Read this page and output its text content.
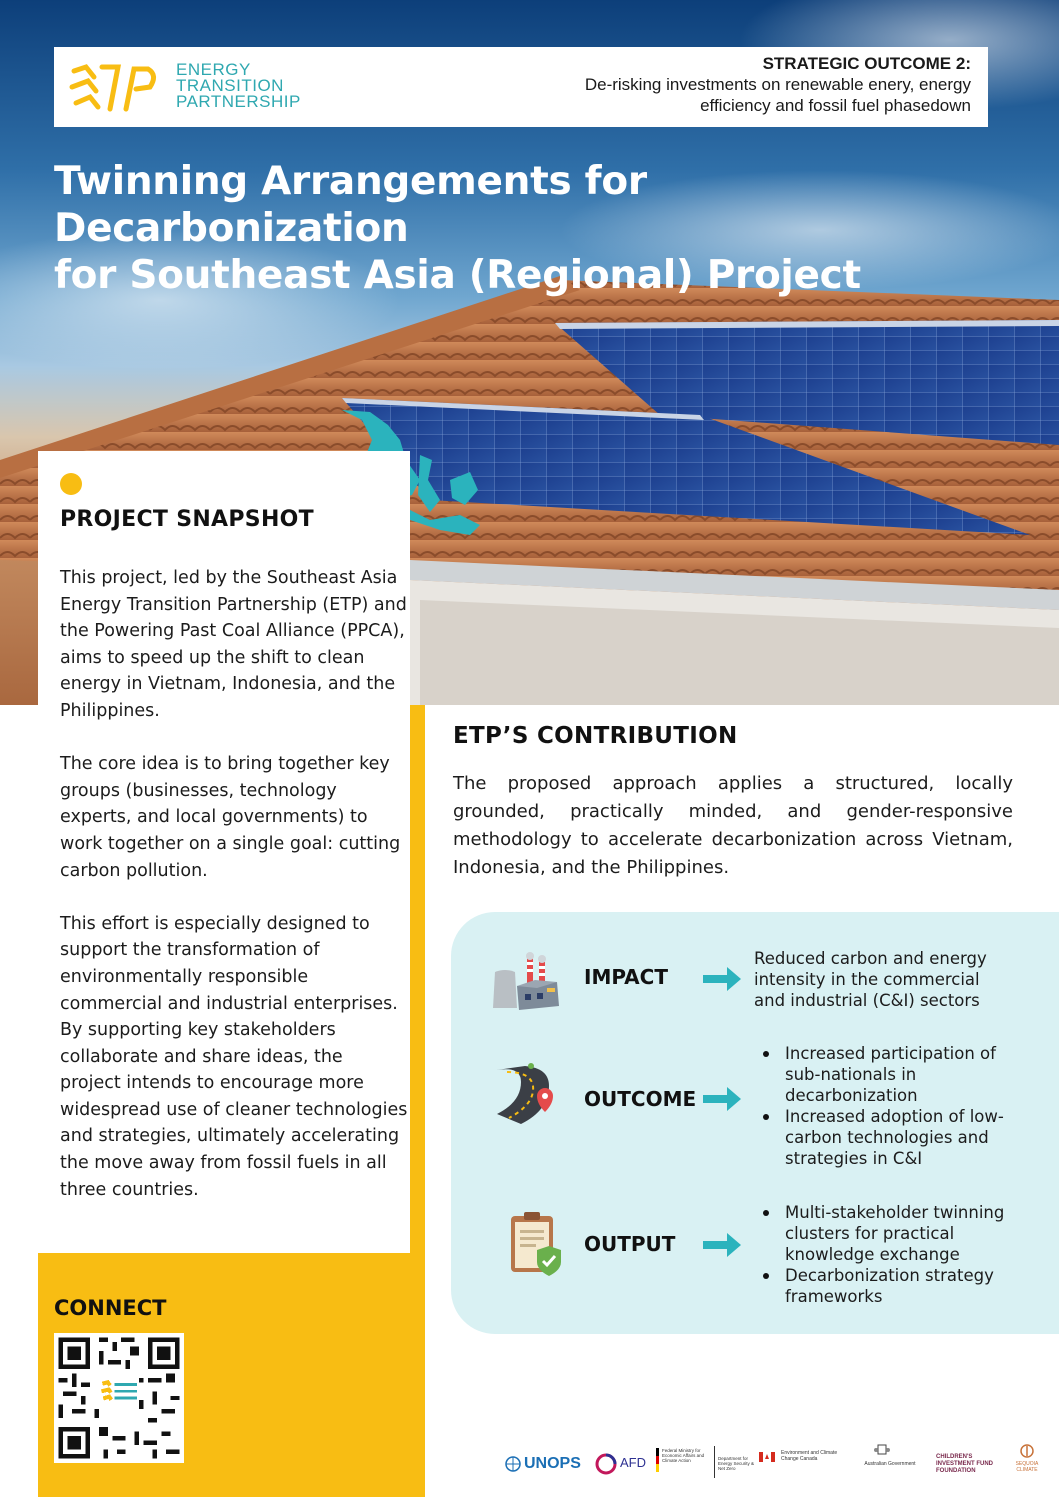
ENERGY
TRANSITION
PARTNERSHIP
STRATEGIC OUTCOME 2:
De-risking investments on renewable enery, energy
efficiency and fossil fuel phasedown
Twinning Arrangements for Decarbonization
for Southeast Asia (Regional) Project
PROJECT SNAPSHOT

This project, led by the Southeast Asia Energy Transition Partnership (ETP) and the Powering Past Coal Alliance (PPCA), aims to speed up the shift to clean energy in Vietnam, Indonesia, and the Philippines.

The core idea is to bring together key groups (businesses, technology experts, and local governments) to work together on a single goal: cutting carbon pollution.

This effort is especially designed to support the transformation of environmentally responsible commercial and industrial enterprises. By supporting key stakeholders collaborate and share ideas, the project intends to encourage more widespread use of cleaner technologies and strategies, ultimately accelerating the move away from fossil fuels in all three countries.

CONNECT
ETP’S CONTRIBUTION
The proposed approach applies a structured, locally grounded, practically minded, and gender-responsive methodology to accelerate decarbonization across Vietnam, Indonesia, and the Philippines.
IMPACT
Reduced carbon and energy intensity in the commercial and industrial (C&I) sectors
OUTCOME
Increased participation of sub-nationals in decarbonization
Increased adoption of low-carbon technologies and strategies in C&I
OUTPUT
Multi-stakeholder twinning clusters for practical knowledge exchange
Decarbonization strategy frameworks
UNOPS	AFD
Federal Ministry for Economic Affairs and Climate Action	Department for Energy Security & Net Zero
Environment and Climate Change Canada
Australian Government
CHILDREN'S INVESTMENT FUND FOUNDATION
SEQUOIA CLIMATE
